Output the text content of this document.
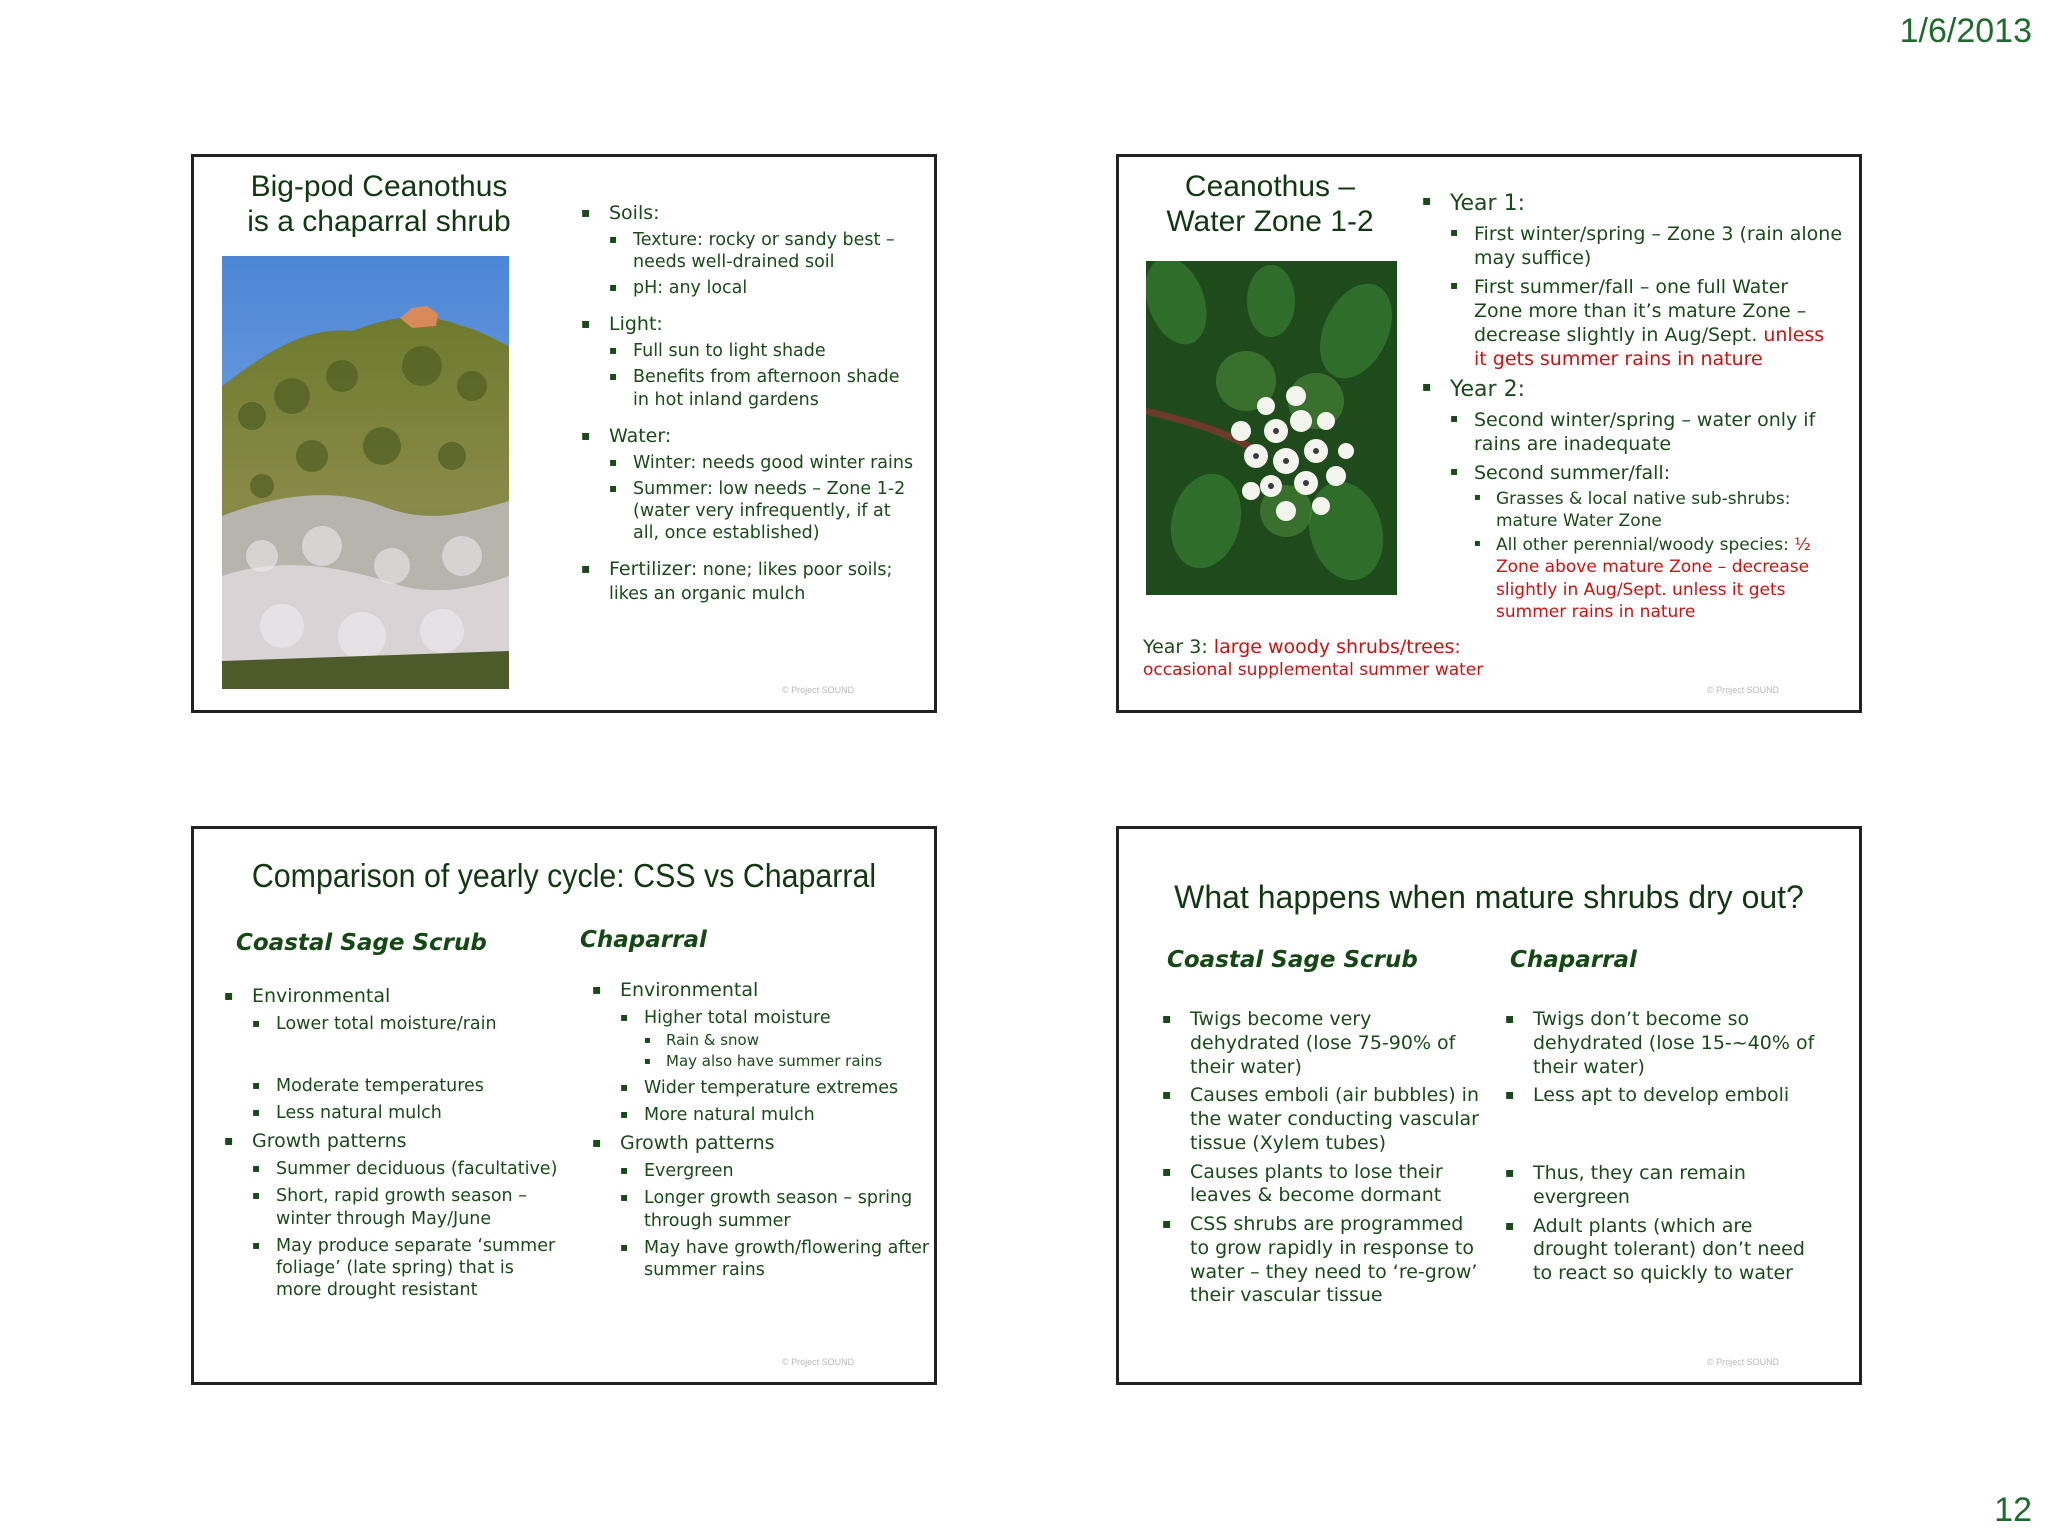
1/6/2013
Big-pod Ceanothus
is a chaparral shrub

▪	Soils:
▪ Texture: rocky or sandy best – needs well-drained soil
▪ pH: any local
▪ Light:
▪ Full sun to light shade
▪ Benefits from afternoon shade in hot inland gardens
▪ Water:
▪ Winter: needs good winter rains
▪ Summer: low needs – Zone 1-2 (water very infrequently, if at all, once established)
▪ Fertilizer: none; likes poor soils; likes an organic mulch
© Project SOUND
Ceanothus –
Water Zone 1-2
▪ Year 1:
▪ First winter/spring – Zone 3 (rain alone may suffice)
▪ First summer/fall – one full Water Zone more than it’s mature Zone – decrease slightly in Aug/Sept. unless it gets summer rains in nature
▪ Year 2:
▪ Second winter/spring – water only if rains are inadequate
▪ Second summer/fall:
▪ Grasses & local native sub-shrubs: mature Water Zone
▪ All other perennial/woody species: ½ Zone above mature Zone – decrease slightly in Aug/Sept. unless it gets summer rains in nature
Year 3: large woody shrubs/trees:
occasional supplemental summer water
© Project SOUND
Comparison of yearly cycle: CSS vs Chaparral
Coastal Sage Scrub	Chaparral
▪ Environmental
▪ Lower total moisture/rain
▪ Moderate temperatures
▪ Less natural mulch
▪ Growth patterns
▪ Summer deciduous (facultative)
▪ Short, rapid growth season – winter through May/June
▪ May produce separate ‘summer foliage’ (late spring) that is more drought resistant
▪ Environmental
▪ Higher total moisture
▪ Rain & snow
▪ May also have summer rains
▪ Wider temperature extremes
▪ More natural mulch
▪ Growth patterns
▪ Evergreen
▪ Longer growth season – spring through summer
▪ May have growth/flowering after summer rains
© Project SOUND
What happens when mature shrubs dry out?
Coastal Sage Scrub	Chaparral
▪ Twigs become very dehydrated (lose 75-90% of their water)
▪ Causes emboli (air bubbles) in the water conducting vascular tissue (Xylem tubes)
▪ Causes plants to lose their leaves & become dormant
▪ CSS shrubs are programmed to grow rapidly in response to water – they need to ‘re-grow’ their vascular tissue
▪ Twigs don’t become so dehydrated (lose 15-~40% of their water)
▪ Less apt to develop emboli
▪ Thus, they can remain evergreen
▪ Adult plants (which are drought tolerant) don’t need to react so quickly to water
© Project SOUND
12
